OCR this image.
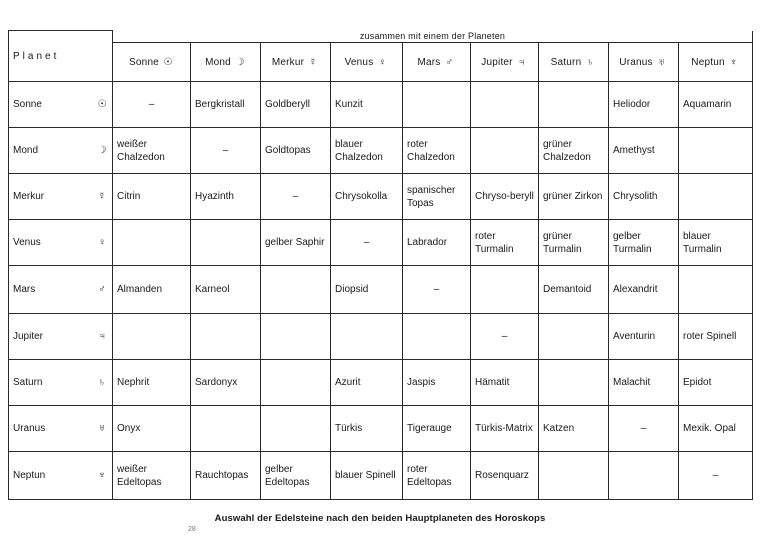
Planet	zusammen mit einem der Planeten								
	Sonne ☉	Mond ☽	Merkur ☿	Venus ♀	Mars ♂	Jupiter ♃	Saturn ♄	Uranus ♅	Neptun ♆

Sonne ☉	–	Bergkristall	Goldberyll	Kunzit				Heliodor	Aquamarin

Mond ☽	weißer Chalzedon	–	Goldtopas	blauer Chalzedon	roter Chalzedon		grüner Chalzedon	Amethyst	

Merkur ☿	Citrin	Hyazinth	–	Chrysokolla	spanischer Topas	Chryso-beryll	grüner Zirkon	Chrysolith	

Venus ♀			gelber Saphir	–	Labrador	roter Turmalin	grüner Turmalin	gelber Turmalin	blauer Turmalin

Mars ♂	Almanden	Karneol		Diopsid	–		Demantoid	Alexandrit	

Jupiter ♃						–		Aventurin	roter Spinell

Saturn ♄	Nephrit	Sardonyx		Azurit	Jaspis	Hämatit		Malachit	Epidot

Uranus ♅	Onyx			Türkis	Tigerauge	Türkis-Matrix	Katzen	–	Mexik. Opal

Neptun ♆	weißer Edeltopas	Rauchtopas	gelber Edeltopas	blauer Spinell	roter Edeltopas	Rosenquarz			–
Auswahl der Edelsteine nach den beiden Hauptplaneten des Horoskops
28
